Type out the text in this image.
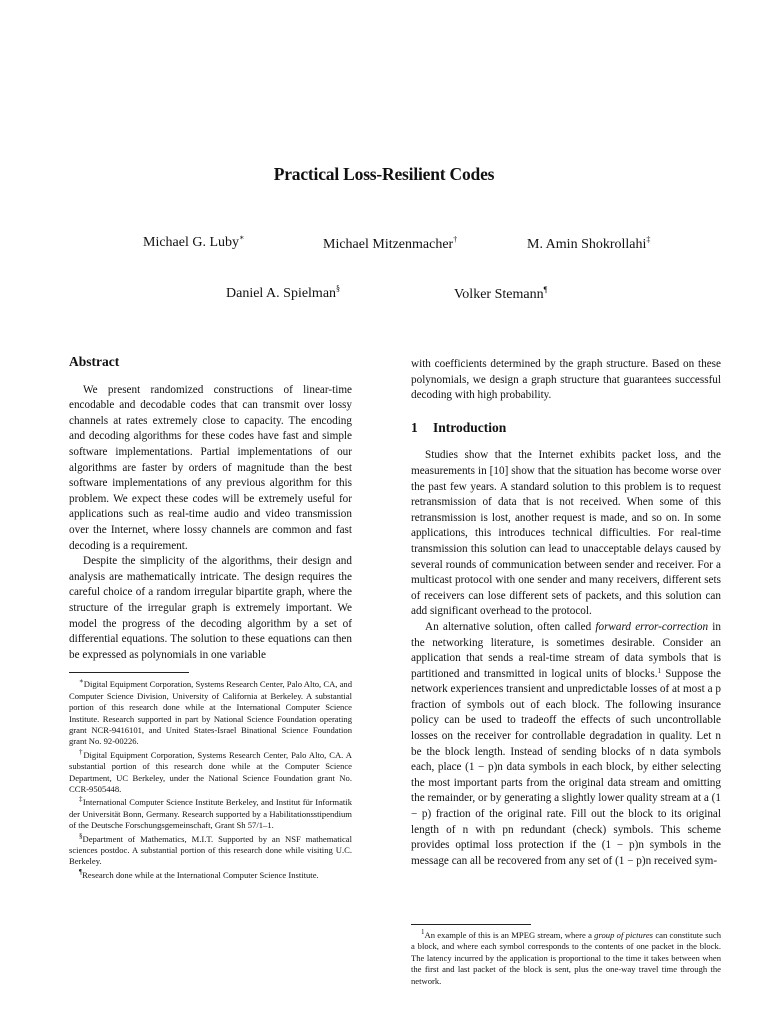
Practical Loss-Resilient Codes
Michael G. Luby∗	Michael Mitzenmacher†	M. Amin Shokrollahi‡
Daniel A. Spielman§	Volker Stemann¶
Abstract

We present randomized constructions of linear-time encodable and decodable codes that can transmit over lossy channels at rates extremely close to capacity. The encoding and decoding algorithms for these codes have fast and simple software implementations. Partial implementations of our algorithms are faster by orders of magnitude than the best software implementations of any previous algorithm for this problem. We expect these codes will be extremely useful for applications such as real-time audio and video transmission over the Internet, where lossy channels are common and fast decoding is a requirement.

Despite the simplicity of the algorithms, their design and analysis are mathematically intricate. The design requires the careful choice of a random irregular bipartite graph, where the structure of the irregular graph is extremely important. We model the progress of the decoding algorithm by a set of differential equations. The solution to these equations can then be expressed as polynomials in one variable

∗Digital Equipment Corporation, Systems Research Center, Palo Alto, CA, and Computer Science Division, University of California at Berkeley. A substantial portion of this research done while at the International Computer Science Institute. Research supported in part by National Science Foundation operating grant NCR-9416101, and United States-Israel Binational Science Foundation grant No. 92-00226.

†Digital Equipment Corporation, Systems Research Center, Palo Alto, CA. A substantial portion of this research done while at the Computer Science Department, UC Berkeley, under the National Science Foundation grant No. CCR-9505448.

‡International Computer Science Institute Berkeley, and Institut für Informatik der Universität Bonn, Germany. Research supported by a Habilitationsstipendium of the Deutsche Forschungsgemeinschaft, Grant Sh 57/1–1.

§Department of Mathematics, M.I.T. Supported by an NSF mathematical sciences postdoc. A substantial portion of this research done while visiting U.C. Berkeley.

¶Research done while at the International Computer Science Institute.

with coefficients determined by the graph structure. Based on these polynomials, we design a graph structure that guarantees successful decoding with high probability.

1 Introduction

Studies show that the Internet exhibits packet loss, and the measurements in [10] show that the situation has become worse over the past few years. A standard solution to this problem is to request retransmission of data that is not received. When some of this retransmission is lost, another request is made, and so on. In some applications, this introduces technical difficulties. For real-time transmission this solution can lead to unacceptable delays caused by several rounds of communication between sender and receiver. For a multicast protocol with one sender and many receivers, different sets of receivers can lose different sets of packets, and this solution can add significant overhead to the protocol.

An alternative solution, often called forward error-correction in the networking literature, is sometimes desirable. Consider an application that sends a real-time stream of data symbols that is partitioned and transmitted in logical units of blocks.$^1$ Suppose the network experiences transient and unpredictable losses of at most a p fraction of symbols out of each block. The following insurance policy can be used to tradeoff the effects of such uncontrollable losses on the receiver for controllable degradation in quality. Let n be the block length. Instead of sending blocks of n data symbols each, place (1 − p)n data symbols in each block, by either selecting the most important parts from the original data stream and omitting the remainder, or by generating a slightly lower quality stream at a (1 − p) fraction of the original rate. Fill out the block to its original length of n with pn redundant (check) symbols. This scheme provides optimal loss protection if the (1 − p)n symbols in the message can all be recovered from any set of (1 − p)n received sym-

$^1$An example of this is an MPEG stream, where a group of pictures can constitute such a block, and where each symbol corresponds to the contents of one packet in the block. The latency incurred by the application is proportional to the time it takes between when the first and last packet of the block is sent, plus the one-way travel time through the network.
